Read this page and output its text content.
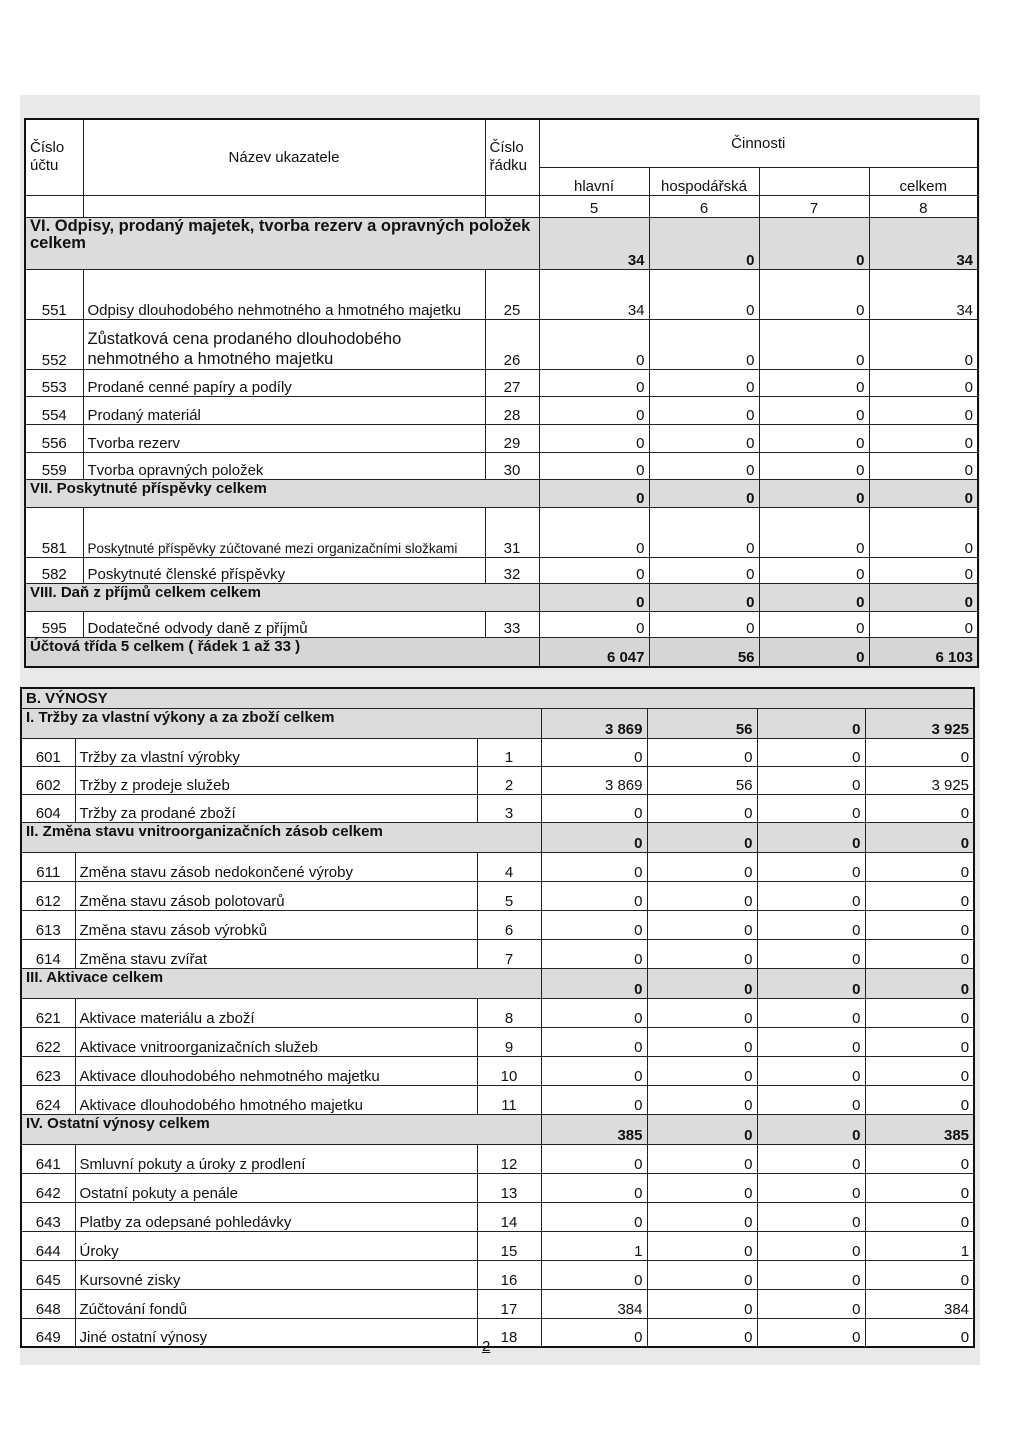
Číslo
účtu	Název ukazatele	Číslo
řádku	Činnosti			
			hlavní	hospodářská		celkem
			5	6	7	8
VI. Odpisy, prodaný majetek, tvorba rezerv a opravných položek celkem			34	0	0	34
551	Odpisy dlouhodobého nehmotného a hmotného majetku	25	34	0	0	34
552	Zůstatková cena prodaného dlouhodobého nehmotného a hmotného majetku	26	0	0	0	0
553	Prodané cenné papíry a podíly	27	0	0	0	0
554	Prodaný materiál	28	0	0	0	0
556	Tvorba rezerv	29	0	0	0	0
559	Tvorba opravných položek	30	0	0	0	0
VII. Poskytnuté příspěvky celkem			0	0	0	0
581	Poskytnuté příspěvky zúčtované mezi organizačními složkami	31	0	0	0	0
582	Poskytnuté členské příspěvky	32	0	0	0	0
VIII. Daň z příjmů celkem celkem			0	0	0	0
595	Dodatečné odvody daně z příjmů	33	0	0	0	0
Účtová třída 5 celkem ( řádek 1 až 33 )			6 047	56	0	6 103
B. VÝNOSY						
I. Tržby za vlastní výkony a za zboží celkem			3 869	56	0	3 925
601	Tržby za vlastní výrobky	1	0	0	0	0
602	Tržby z prodeje služeb	2	3 869	56	0	3 925
604	Tržby za prodané zboží	3	0	0	0	0
II. Změna stavu vnitroorganizačních zásob celkem			0	0	0	0
611	Změna stavu zásob nedokončené výroby	4	0	0	0	0
612	Změna stavu zásob polotovarů	5	0	0	0	0
613	Změna stavu zásob výrobků	6	0	0	0	0
614	Změna stavu zvířat	7	0	0	0	0
III. Aktivace celkem			0	0	0	0
621	Aktivace materiálu a zboží	8	0	0	0	0
622	Aktivace vnitroorganizačních služeb	9	0	0	0	0
623	Aktivace dlouhodobého nehmotného majetku	10	0	0	0	0
624	Aktivace dlouhodobého hmotného majetku	11	0	0	0	0
IV. Ostatní výnosy celkem			385	0	0	385
641	Smluvní pokuty a úroky z prodlení	12	0	0	0	0
642	Ostatní pokuty a penále	13	0	0	0	0
643	Platby za odepsané pohledávky	14	0	0	0	0
644	Úroky	15	1	0	0	1
645	Kursovné zisky	16	0	0	0	0
648	Zúčtování fondů	17	384	0	0	384
649	Jiné ostatní výnosy	18	0	0	0	0
2
